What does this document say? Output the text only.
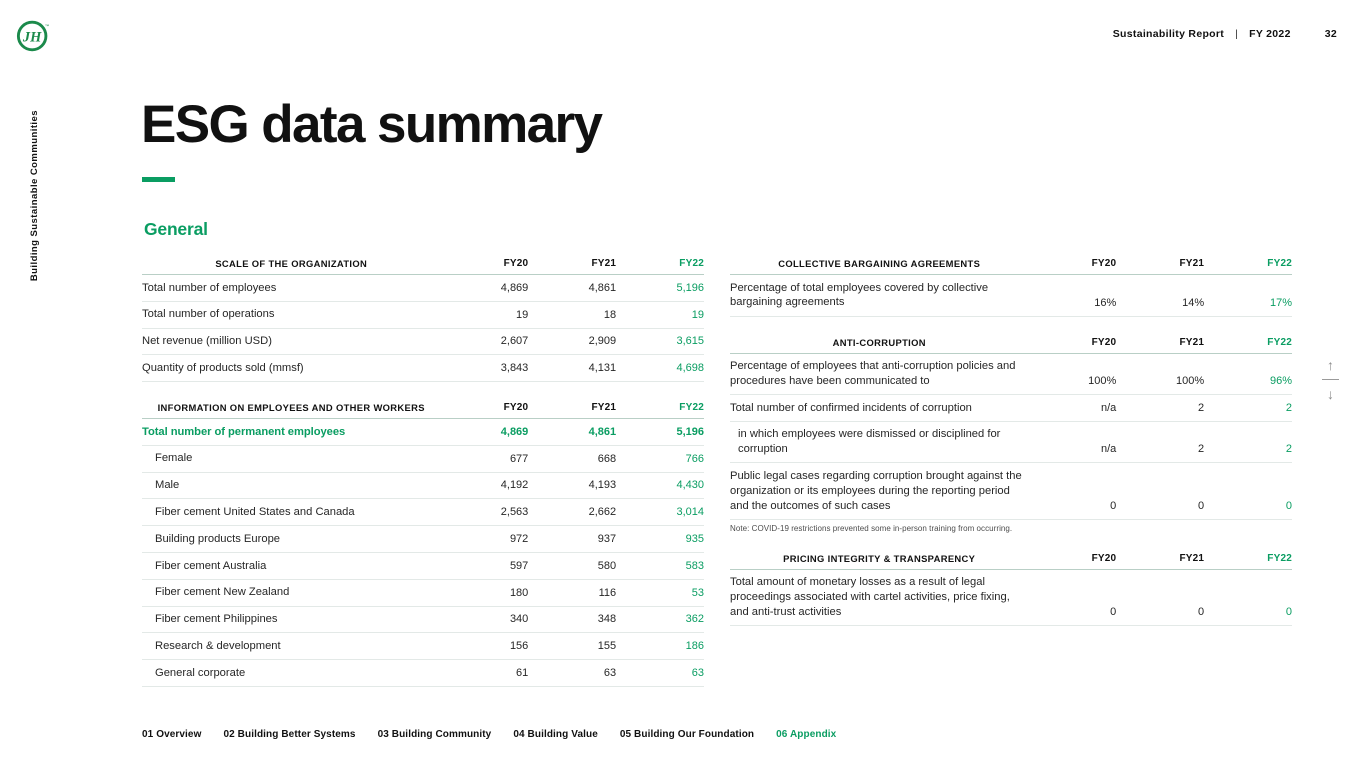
JH
™
Sustainability Report | FY 2022	32
Building Sustainable Communities ESG data summary
General
SCALE OF THE ORGANIZATION	FY20	FY21	FY22
Total number of employees	4,869	4,861	5,196
Total number of operations	19	18	19
Net revenue (million USD)	2,607	2,909	3,615
Quantity of products sold (mmsf)	3,843	4,131	4,698
INFORMATION ON EMPLOYEES AND OTHER WORKERS	FY20	FY21	FY22
Total number of permanent employees	4,869	4,861	5,196
Female	677	668	766
Male	4,192	4,193	4,430
Fiber cement United States and Canada	2,563	2,662	3,014
Building products Europe	972	937	935
Fiber cement Australia	597	580	583
Fiber cement New Zealand	180	116	53
Fiber cement Philippines	340	348	362
Research & development	156	155	186
General corporate	61	63	63
COLLECTIVE BARGAINING AGREEMENTS	FY20	FY21	FY22
Percentage of total employees covered by collective bargaining agreements	16%	14%	17%
ANTI-CORRUPTION	FY20	FY21	FY22
Percentage of employees that anti-corruption policies and procedures have been communicated to	100%	100%	96%
Total number of confirmed incidents of corruption	n/a	2	2
in which employees were dismissed or disciplined for corruption	n/a	2	2
Public legal cases regarding corruption brought against the organization or its employees during the reporting period and the outcomes of such cases	0	0	0
Note: COVID-19 restrictions prevented some in-person training from occurring.
PRICING INTEGRITY & TRANSPARENCY	FY20	FY21	FY22
Total amount of monetary losses as a result of legal proceedings associated with cartel activities, price fixing, and anti-trust activities	0	0	0
↑
↓
01 Overview 02 Building Better Systems 03 Building Community 04 Building Value 05 Building Our Foundation 06 Appendix
